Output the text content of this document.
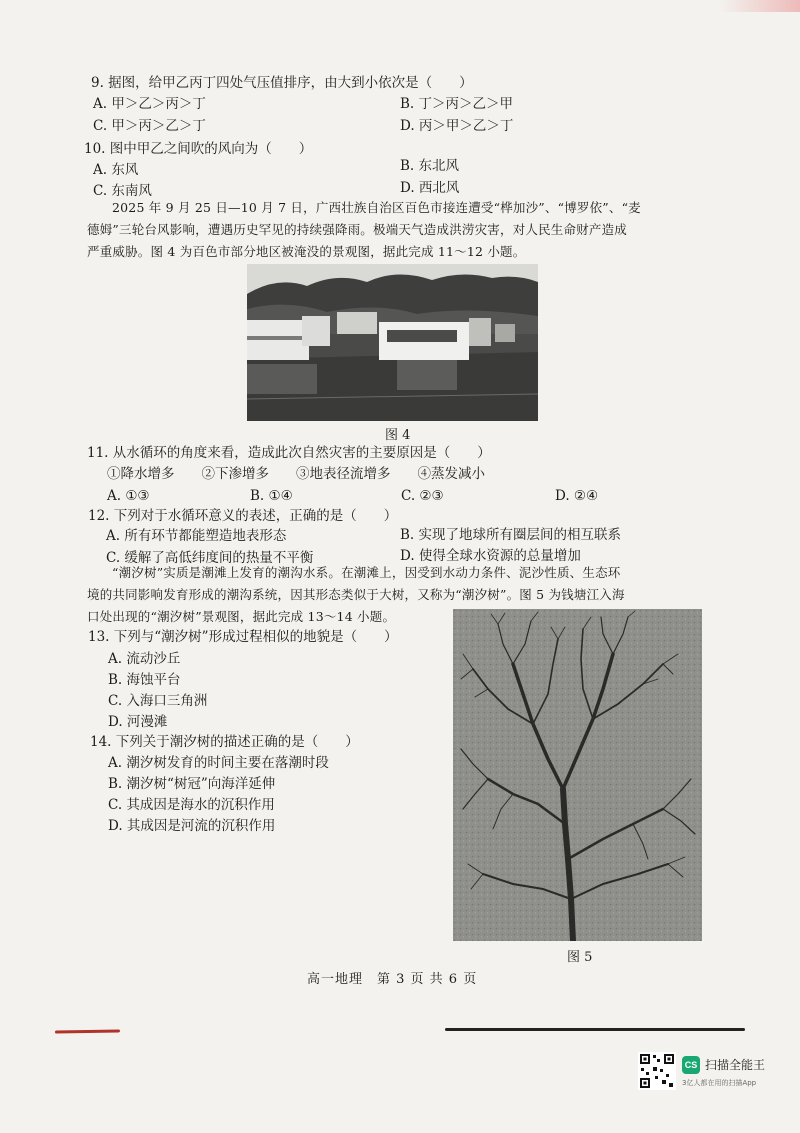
9. 据图，给甲乙丙丁四处气压值排序，由大到小依次是（　　）
A. 甲＞乙＞丙＞丁	B. 丁＞丙＞乙＞甲
C. 甲＞丙＞乙＞丁	D. 丙＞甲＞乙＞丁
10. 图中甲乙之间吹的风向为（　　）
A. 东风	B. 东北风
C. 东南风	D. 西北风
2025 年 9 月 25 日—10 月 7 日，广西壮族自治区百色市接连遭受“桦加沙”、“博罗依”、“麦
德姆”三轮台风影响，遭遇历史罕见的持续强降雨。极端天气造成洪涝灾害，对人民生命财产造成
严重威胁。图 4 为百色市部分地区被淹没的景观图，据此完成 11～12 小题。
图 4
11. 从水循环的角度来看，造成此次自然灾害的主要原因是（　　）
①降水增多　　②下渗增多　　③地表径流增多　　④蒸发减小
A. ①③	B. ①④	C. ②③	D. ②④
12. 下列对于水循环意义的表述，正确的是（　　）
A. 所有环节都能塑造地表形态	B. 实现了地球所有圈层间的相互联系
C. 缓解了高低纬度间的热量不平衡	D. 使得全球水资源的总量增加
“潮汐树”实质是潮滩上发育的潮沟水系。在潮滩上，因受到水动力条件、泥沙性质、生态环
境的共同影响发育形成的潮沟系统，因其形态类似于大树，又称为“潮汐树”。图 5 为钱塘江入海
口处出现的“潮汐树”景观图，据此完成 13～14 小题。
13. 下列与“潮汐树”形成过程相似的地貌是（　　）
A. 流动沙丘
B. 海蚀平台
C. 入海口三角洲
D. 河漫滩
14. 下列关于潮汐树的描述正确的是（　　）
A. 潮汐树发育的时间主要在落潮时段
B. 潮汐树“树冠”向海洋延伸
C. 其成因是海水的沉积作用
D. 其成因是河流的沉积作用
图 5
高一地理　第 3 页 共 6 页
CS 扫描全能王
3亿人都在用的扫描App
